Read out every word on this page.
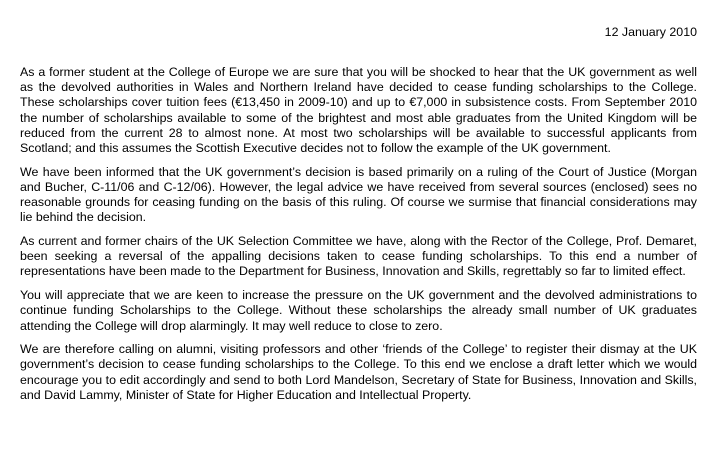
12 January 2010

As a former student at the College of Europe we are sure that you will be shocked to hear that the UK government as well as the devolved authorities in Wales and Northern Ireland have decided to cease funding scholarships to the College. These scholarships cover tuition fees (€13,450 in 2009-10) and up to €7,000 in subsistence costs. From September 2010 the number of scholarships available to some of the brightest and most able graduates from the United Kingdom will be reduced from the current 28 to almost none. At most two scholarships will be available to successful applicants from Scotland; and this assumes the Scottish Executive decides not to follow the example of the UK government.

We have been informed that the UK government’s decision is based primarily on a ruling of the Court of Justice (Morgan and Bucher, C-11/06 and C-12/06). However, the legal advice we have received from several sources (enclosed) sees no reasonable grounds for ceasing funding on the basis of this ruling. Of course we surmise that financial considerations may lie behind the decision.

As current and former chairs of the UK Selection Committee we have, along with the Rector of the College, Prof. Demaret, been seeking a reversal of the appalling decisions taken to cease funding scholarships. To this end a number of representations have been made to the Department for Business, Innovation and Skills, regrettably so far to limited effect.

You will appreciate that we are keen to increase the pressure on the UK government and the devolved administrations to continue funding Scholarships to the College. Without these scholarships the already small number of UK graduates attending the College will drop alarmingly. It may well reduce to close to zero.

We are therefore calling on alumni, visiting professors and other ‘friends of the College’ to register their dismay at the UK government’s decision to cease funding scholarships to the College. To this end we enclose a draft letter which we would encourage you to edit accordingly and send to both Lord Mandelson, Secretary of State for Business, Innovation and Skills, and David Lammy, Minister of State for Higher Education and Intellectual Property.
